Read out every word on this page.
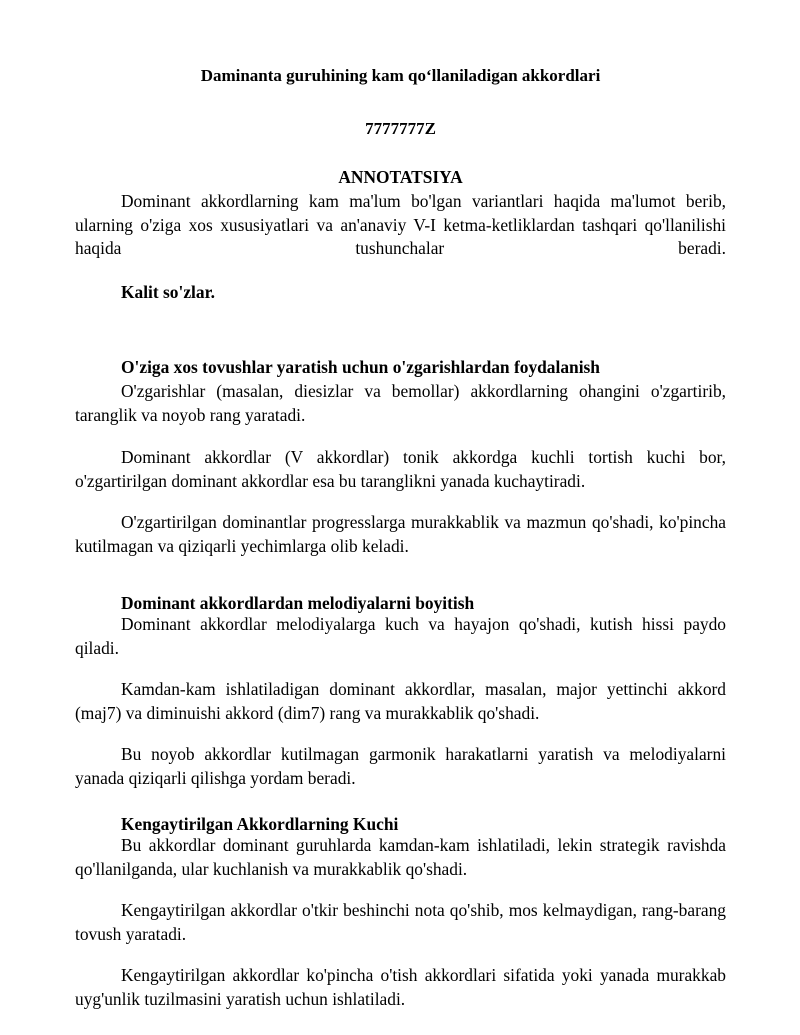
Daminanta guruhining kam qo‘llaniladigan akkordlari
7777777Z
ANNOTATSIYA

Dominant akkordlarning kam ma'lum bo'lgan variantlari haqida ma'lumot berib, ularning o'ziga xos xususiyatlari va an'anaviy V-I ketma-ketliklardan tashqari qo'llanilishi haqida tushunchalar beradi.

Kalit so'zlar.
O'ziga xos tovushlar yaratish uchun o'zgarishlardan foydalanish

O'zgarishlar (masalan, diesizlar va bemollar) akkordlarning ohangini o'zgartirib, taranglik va noyob rang yaratadi.

Dominant akkordlar (V akkordlar) tonik akkordga kuchli tortish kuchi bor, o'zgartirilgan dominant akkordlar esa bu taranglikni yanada kuchaytiradi.

O'zgartirilgan dominantlar progresslarga murakkablik va mazmun qo'shadi, ko'pincha kutilmagan va qiziqarli yechimlarga olib keladi.

Dominant akkordlardan melodiyalarni boyitish

Dominant akkordlar melodiyalarga kuch va hayajon qo'shadi, kutish hissi paydo qiladi.

Kamdan-kam ishlatiladigan dominant akkordlar, masalan, major yettinchi akkord (maj7) va diminuishi akkord (dim7) rang va murakkablik qo'shadi.

Bu noyob akkordlar kutilmagan garmonik harakatlarni yaratish va melodiyalarni yanada qiziqarli qilishga yordam beradi.

Kengaytirilgan Akkordlarning Kuchi

Bu akkordlar dominant guruhlarda kamdan-kam ishlatiladi, lekin strategik ravishda qo'llanilganda, ular kuchlanish va murakkablik qo'shadi.

Kengaytirilgan akkordlar o'tkir beshinchi nota qo'shib, mos kelmaydigan, rang-barang tovush yaratadi.

Kengaytirilgan akkordlar ko'pincha o'tish akkordlari sifatida yoki yanada murakkab uyg'unlik tuzilmasini yaratish uchun ishlatiladi.
